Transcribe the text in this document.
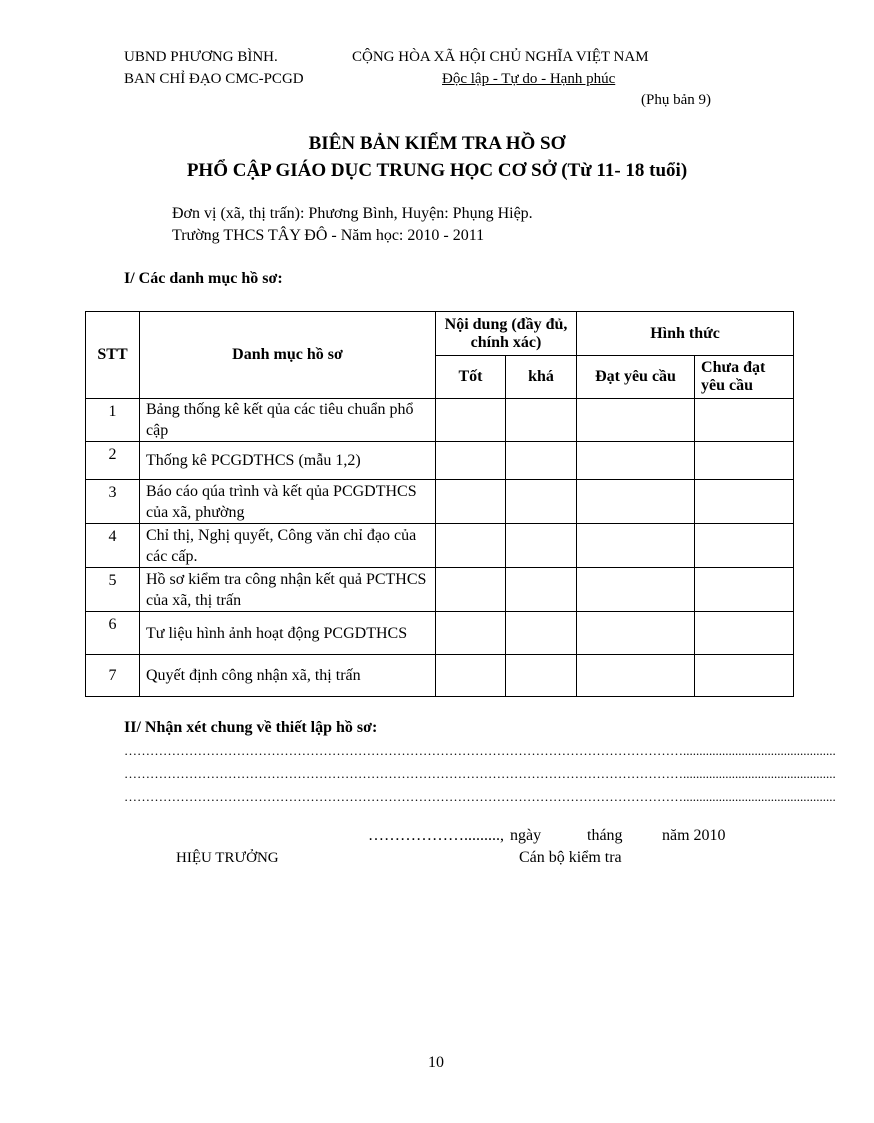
UBND PHƯƠNG BÌNH.
BAN CHỈ ĐẠO CMC-PCGD
CỘNG HÒA XÃ HỘI CHỦ NGHĨA VIỆT NAM
Độc lập - Tự do - Hạnh phúc
(Phụ bản 9)
BIÊN BẢN KIỂM TRA HỒ SƠ
PHỔ CẬP GIÁO DỤC TRUNG HỌC CƠ SỞ (Từ 11- 18 tuổi)
Đơn vị (xã, thị trấn): Phương Bình, Huyện: Phụng Hiệp.
Trường THCS TÂY ĐÔ - Năm học: 2010 - 2011
I/ Các danh mục hồ sơ:
STT	Danh mục hồ sơ	Nội dung (đầy đủ, chính xác)		Hình thức	
		Tốt	khá	Đạt yêu cầu	Chưa đạt yêu cầu
1	Bảng thống kê kết qủa các tiêu chuẩn phổ cập				
2	Thống kê PCGDTHCS (mẫu 1,2)				
3	Báo cáo qúa trình và kết qủa PCGDTHCS của xã, phường				
4	Chỉ thị, Nghị quyết, Công văn chỉ đạo của các cấp.				
5	Hồ sơ kiểm tra công nhận kết quả PCTHCS của xã, thị trấn				
6	Tư liệu hình ảnh hoạt động PCGDTHCS				
7	Quyết định công nhận xã, thị trấn				
II/ Nhận xét chung về thiết lập hồ sơ:
…………………………………………………………………………………………………………………...............................................
…………………………………………………………………………………………………………………...............................................
…………………………………………………………………………………………………………………...............................................
………………........., ngày	tháng năm 2010
HIỆU TRƯỞNG	Cán bộ kiểm tra
10
